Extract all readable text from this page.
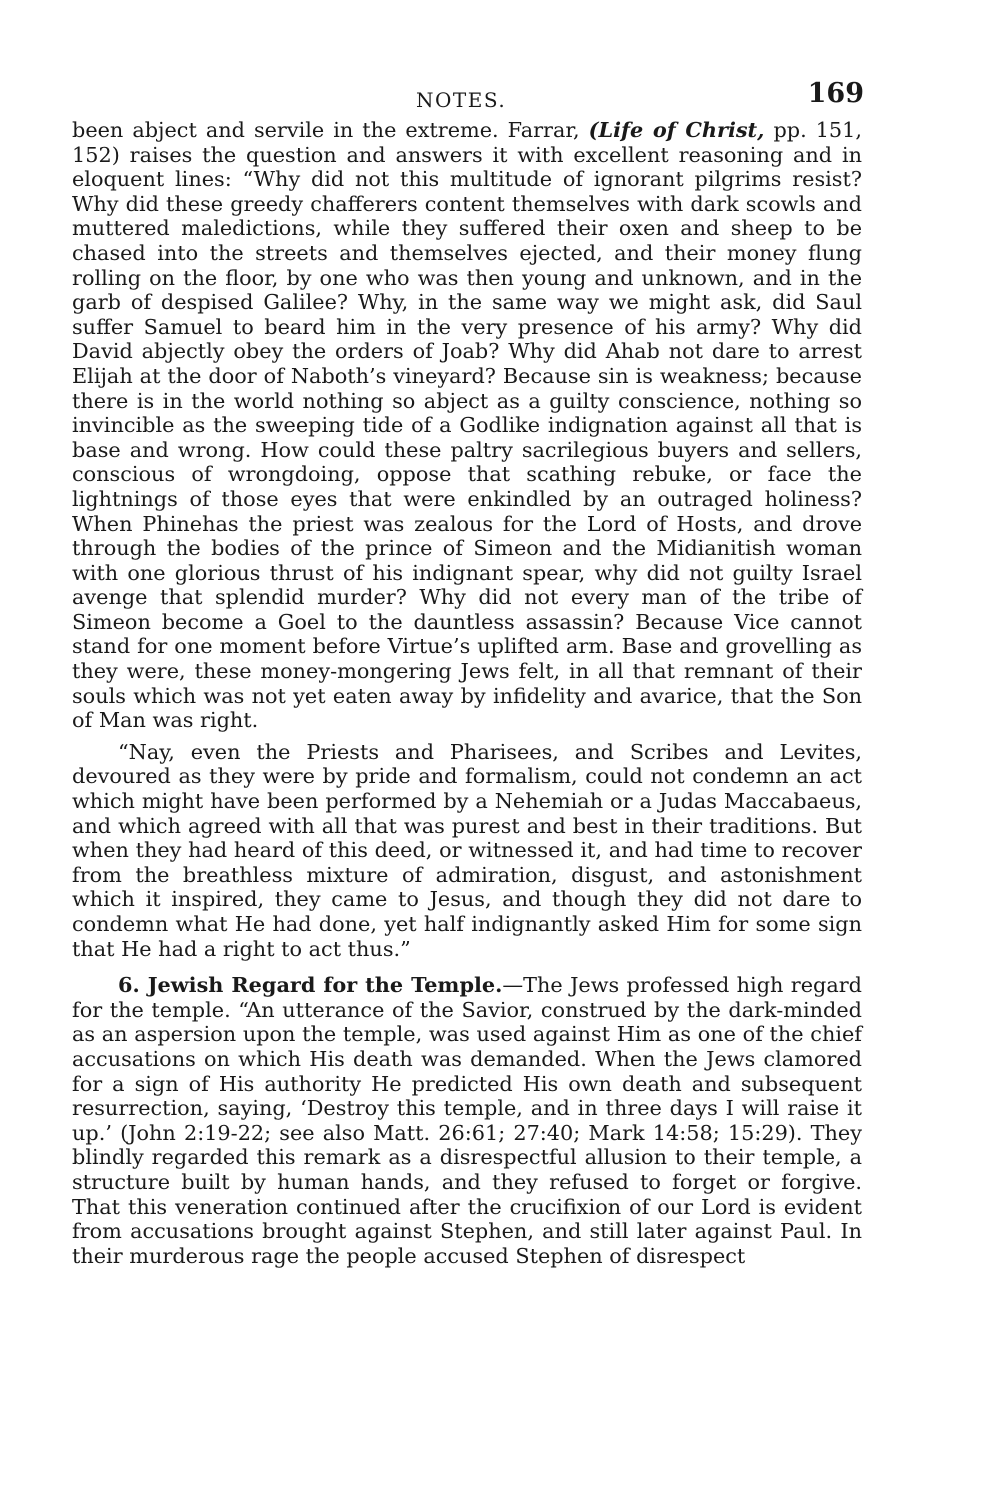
NOTES.	169

been abject and servile in the extreme. Farrar, (Life of Christ, pp. 151, 152) raises the question and answers it with excellent reasoning and in eloquent lines: “Why did not this multitude of ignorant pilgrims resist? Why did these greedy chafferers content themselves with dark scowls and muttered maledictions, while they suffered their oxen and sheep to be chased into the streets and themselves ejected, and their money flung rolling on the floor, by one who was then young and unknown, and in the garb of despised Galilee? Why, in the same way we might ask, did Saul suffer Samuel to beard him in the very presence of his army? Why did David abjectly obey the orders of Joab? Why did Ahab not dare to arrest Elijah at the door of Naboth’s vineyard? Because sin is weakness; because there is in the world nothing so abject as a guilty conscience, nothing so invincible as the sweeping tide of a Godlike indignation against all that is base and wrong. How could these paltry sacrilegious buyers and sellers, conscious of wrongdoing, oppose that scathing rebuke, or face the lightnings of those eyes that were enkindled by an outraged holiness? When Phinehas the priest was zealous for the Lord of Hosts, and drove through the bodies of the prince of Simeon and the Midianitish woman with one glorious thrust of his indignant spear, why did not guilty Israel avenge that splendid murder? Why did not every man of the tribe of Simeon become a Goel to the dauntless assassin? Because Vice cannot stand for one moment before Virtue’s uplifted arm. Base and grovelling as they were, these money-mongering Jews felt, in all that remnant of their souls which was not yet eaten away by infidelity and avarice, that the Son of Man was right.

“Nay, even the Priests and Pharisees, and Scribes and Levites, devoured as they were by pride and formalism, could not condemn an act which might have been performed by a Nehemiah or a Judas Maccabaeus, and which agreed with all that was purest and best in their traditions. But when they had heard of this deed, or witnessed it, and had time to recover from the breathless mixture of admiration, disgust, and astonishment which it inspired, they came to Jesus, and though they did not dare to condemn what He had done, yet half indignantly asked Him for some sign that He had a right to act thus.”

6. Jewish Regard for the Temple.—The Jews professed high regard for the temple. “An utterance of the Savior, construed by the dark-minded as an aspersion upon the temple, was used against Him as one of the chief accusations on which His death was demanded. When the Jews clamored for a sign of His authority He predicted His own death and subsequent resurrection, saying, ‘Destroy this temple, and in three days I will raise it up.’ (John 2:19-22; see also Matt. 26:61; 27:40; Mark 14:58; 15:29). They blindly regarded this remark as a disrespectful allusion to their temple, a structure built by human hands, and they refused to forget or forgive. That this veneration continued after the crucifixion of our Lord is evident from accusations brought against Stephen, and still later against Paul. In their murderous rage the people accused Stephen of disrespect
